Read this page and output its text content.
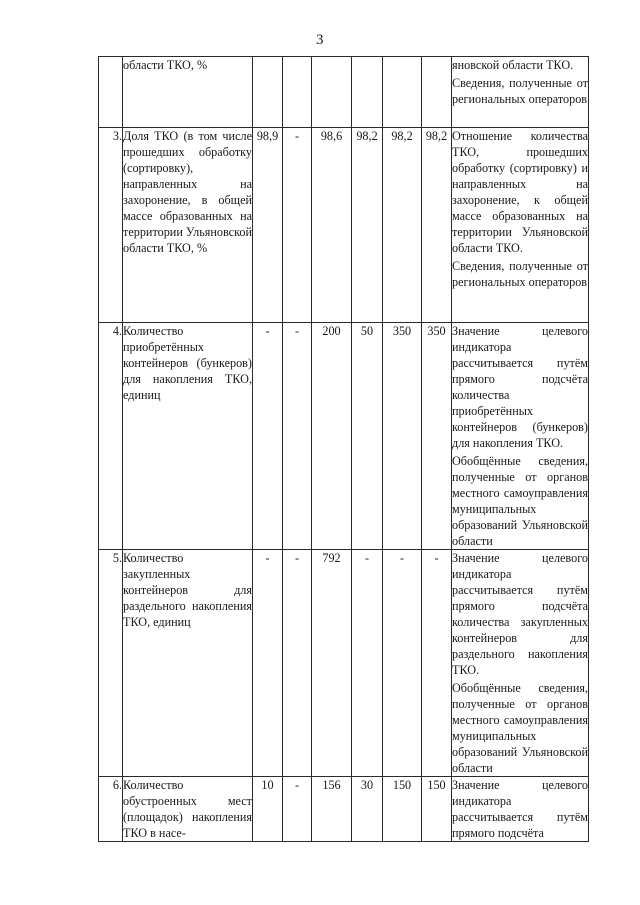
3
	области ТКО, %							яновской области ТКО.
Сведения, полученные от региональных операторов

3.	Доля ТКО (в том числе прошедших обработку (сортировку), направленных на захоронение, в общей массе образованных на территории Ульяновской области ТКО, %	98,9	-	98,6	98,2	98,2	98,2	Отношение количества ТКО, прошедших обработку (сортировку) и направленных на захоронение, к общей массе образованных на территории Ульяновской области ТКО.
Сведения, полученные от региональных операторов

4.	Количество приобретённых контейнеров (бункеров) для накопления ТКО, единиц	-	-	200	50	350	350	Значение целевого индикатора рассчитывается путём прямого подсчёта количества приобретённых контейнеров (бункеров) для накопления ТКО.
Обобщённые сведения, полученные от органов местного самоуправления муниципальных образований Ульяновской области

5.	Количество закупленных контейнеров для раздельного накопления ТКО, единиц	-	-	792	-	-	-	Значение целевого индикатора рассчитывается путём прямого подсчёта количества закупленных контейнеров для раздельного накопления ТКО.
Обобщённые сведения, полученные от органов местного самоуправления муниципальных образований Ульяновской области

6.	Количество обустроенных мест (площадок) накопления ТКО в насе-	10	-	156	30	150	150	Значение целевого индикатора рассчитывается путём прямого подсчёта
